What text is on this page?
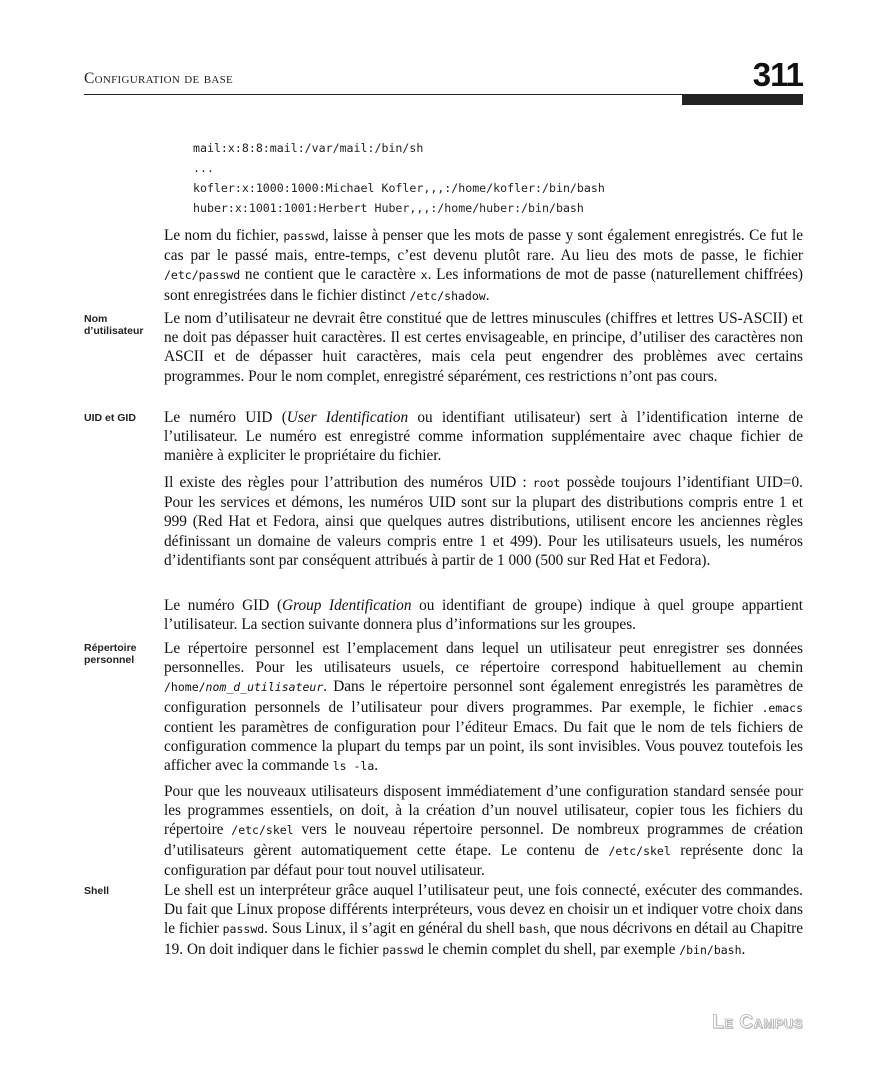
Configuration de base	311
mail:x:8:8:mail:/var/mail:/bin/sh
...
kofler:x:1000:1000:Michael Kofler,,,:/home/kofler:/bin/bash
huber:x:1001:1001:Herbert Huber,,,:/home/huber:/bin/bash

Le nom du fichier, passwd, laisse à penser que les mots de passe y sont également enregistrés. Ce fut le cas par le passé mais, entre-temps, c’est devenu plutôt rare. Au lieu des mots de passe, le fichier /etc/passwd ne contient que le caractère x. Les informations de mot de passe (naturellement chiffrées) sont enregistrées dans le fichier distinct /etc/shadow.

Nom d’utilisateur

Le nom d’utilisateur ne devrait être constitué que de lettres minuscules (chiffres et lettres US-ASCII) et ne doit pas dépasser huit caractères. Il est certes envisageable, en principe, d’utiliser des caractères non ASCII et de dépasser huit caractères, mais cela peut engendrer des problèmes avec certains programmes. Pour le nom complet, enregistré séparément, ces restrictions n’ont pas cours.

UID et GID	Le numéro UID (User Identification ou identifiant utilisateur) sert à l’identification interne de l’utilisateur. Le numéro est enregistré comme information supplémentaire avec chaque fichier de manière à expliciter le propriétaire du fichier.

Il existe des règles pour l’attribution des numéros UID : root possède toujours l’identifiant UID=0. Pour les services et démons, les numéros UID sont sur la plupart des distributions compris entre 1 et 999 (Red Hat et Fedora, ainsi que quelques autres distributions, utilisent encore les anciennes règles définissant un domaine de valeurs compris entre 1 et 499). Pour les utilisateurs usuels, les numéros d’identifiants sont par conséquent attribués à partir de 1 000 (500 sur Red Hat et Fedora).

Le numéro GID (Group Identification ou identifiant de groupe) indique à quel groupe appartient l’utilisateur. La section suivante donnera plus d’informations sur les groupes.

Répertoire personnel

Le répertoire personnel est l’emplacement dans lequel un utilisateur peut enregistrer ses données personnelles. Pour les utilisateurs usuels, ce répertoire correspond habituellement au chemin /home/nom_d_utilisateur. Dans le répertoire personnel sont également enregistrés les paramètres de configuration personnels de l’utilisateur pour divers programmes. Par exemple, le fichier .emacs contient les paramètres de configuration pour l’éditeur Emacs. Du fait que le nom de tels fichiers de configuration commence la plupart du temps par un point, ils sont invisibles. Vous pouvez toutefois les afficher avec la commande ls -la.

Pour que les nouveaux utilisateurs disposent immédiatement d’une configuration standard sensée pour les programmes essentiels, on doit, à la création d’un nouvel utilisateur, copier tous les fichiers du répertoire /etc/skel vers le nouveau répertoire personnel. De nombreux programmes de création d’utilisateurs gèrent automatiquement cette étape. Le contenu de /etc/skel représente donc la configuration par défaut pour tout nouvel utilisateur.

Shell	Le shell est un interpréteur grâce auquel l’utilisateur peut, une fois connecté, exécuter des commandes. Du fait que Linux propose différents interpréteurs, vous devez en choisir un et indiquer votre choix dans le fichier passwd. Sous Linux, il s’agit en général du shell bash, que nous décrivons en détail au Chapitre 19. On doit indiquer dans le fichier passwd le chemin complet du shell, par exemple /bin/bash.

Le Campus
